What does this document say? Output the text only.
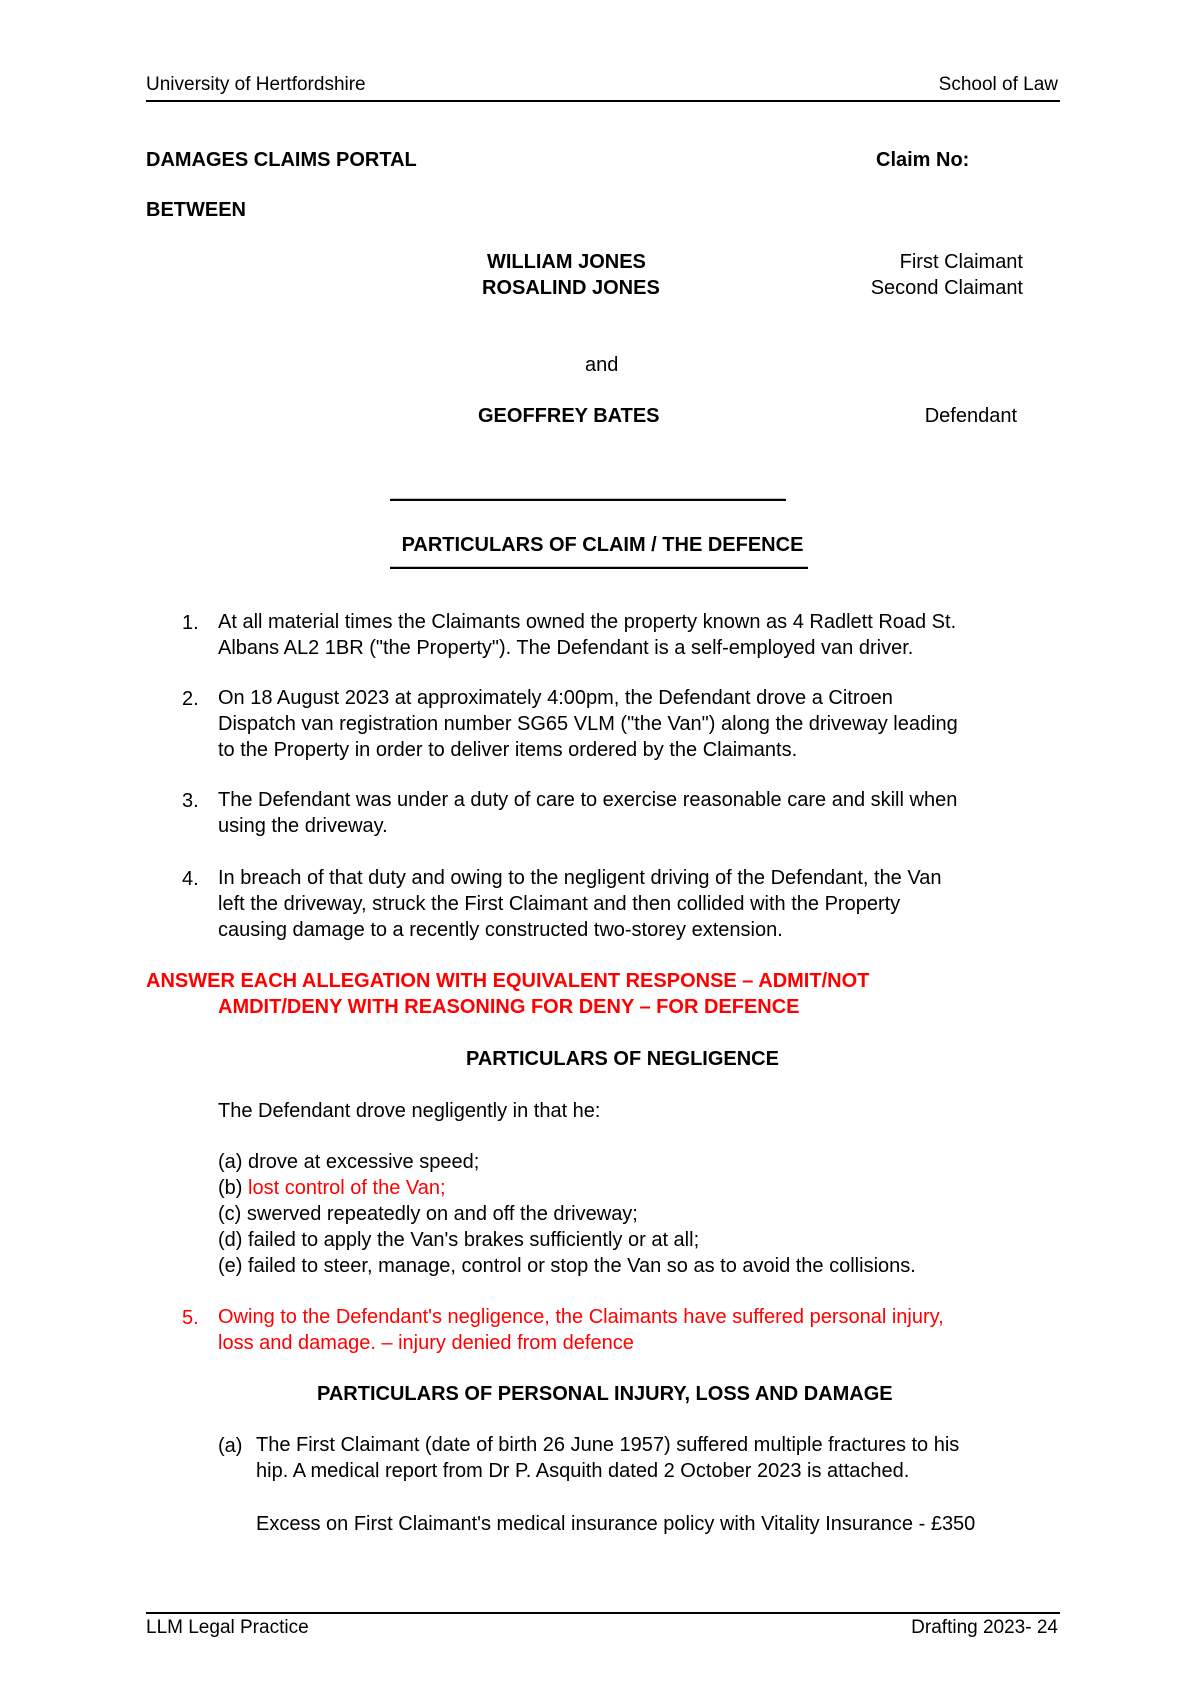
University of Hertfordshire	School of Law
DAMAGES CLAIMS PORTAL	Claim No:
BETWEEN
WILLIAM JONES	First Claimant
ROSALIND JONES	Second Claimant
and
GEOFFREY BATES	Defendant
——————————————————
PARTICULARS OF CLAIM / THE DEFENCE
———————————————————
1. At all material times the Claimants owned the property known as 4 Radlett Road St.
Albans AL2 1BR ("the Property"). The Defendant is a self-employed van driver.
2. On 18 August 2023 at approximately 4:00pm, the Defendant drove a Citroen
Dispatch van registration number SG65 VLM ("the Van") along the driveway leading
to the Property in order to deliver items ordered by the Claimants.
3. The Defendant was under a duty of care to exercise reasonable care and skill when
using the driveway.
4. In breach of that duty and owing to the negligent driving of the Defendant, the Van
left the driveway, struck the First Claimant and then collided with the Property
causing damage to a recently constructed two-storey extension.
ANSWER EACH ALLEGATION WITH EQUIVALENT RESPONSE – ADMIT/NOT
AMDIT/DENY WITH REASONING FOR DENY – FOR DEFENCE
PARTICULARS OF NEGLIGENCE
The Defendant drove negligently in that he:
(a) drove at excessive speed;
(b) lost control of the Van;
(c) swerved repeatedly on and off the driveway;
(d) failed to apply the Van's brakes sufficiently or at all;
(e) failed to steer, manage, control or stop the Van so as to avoid the collisions.
5. Owing to the Defendant's negligence, the Claimants have suffered personal injury,
loss and damage. – injury denied from defence
PARTICULARS OF PERSONAL INJURY, LOSS AND DAMAGE
(a) The First Claimant (date of birth 26 June 1957) suffered multiple fractures to his
hip. A medical report from Dr P. Asquith dated 2 October 2023 is attached.
Excess on First Claimant's medical insurance policy with Vitality Insurance - £350
LLM Legal Practice	Drafting 2023- 24
